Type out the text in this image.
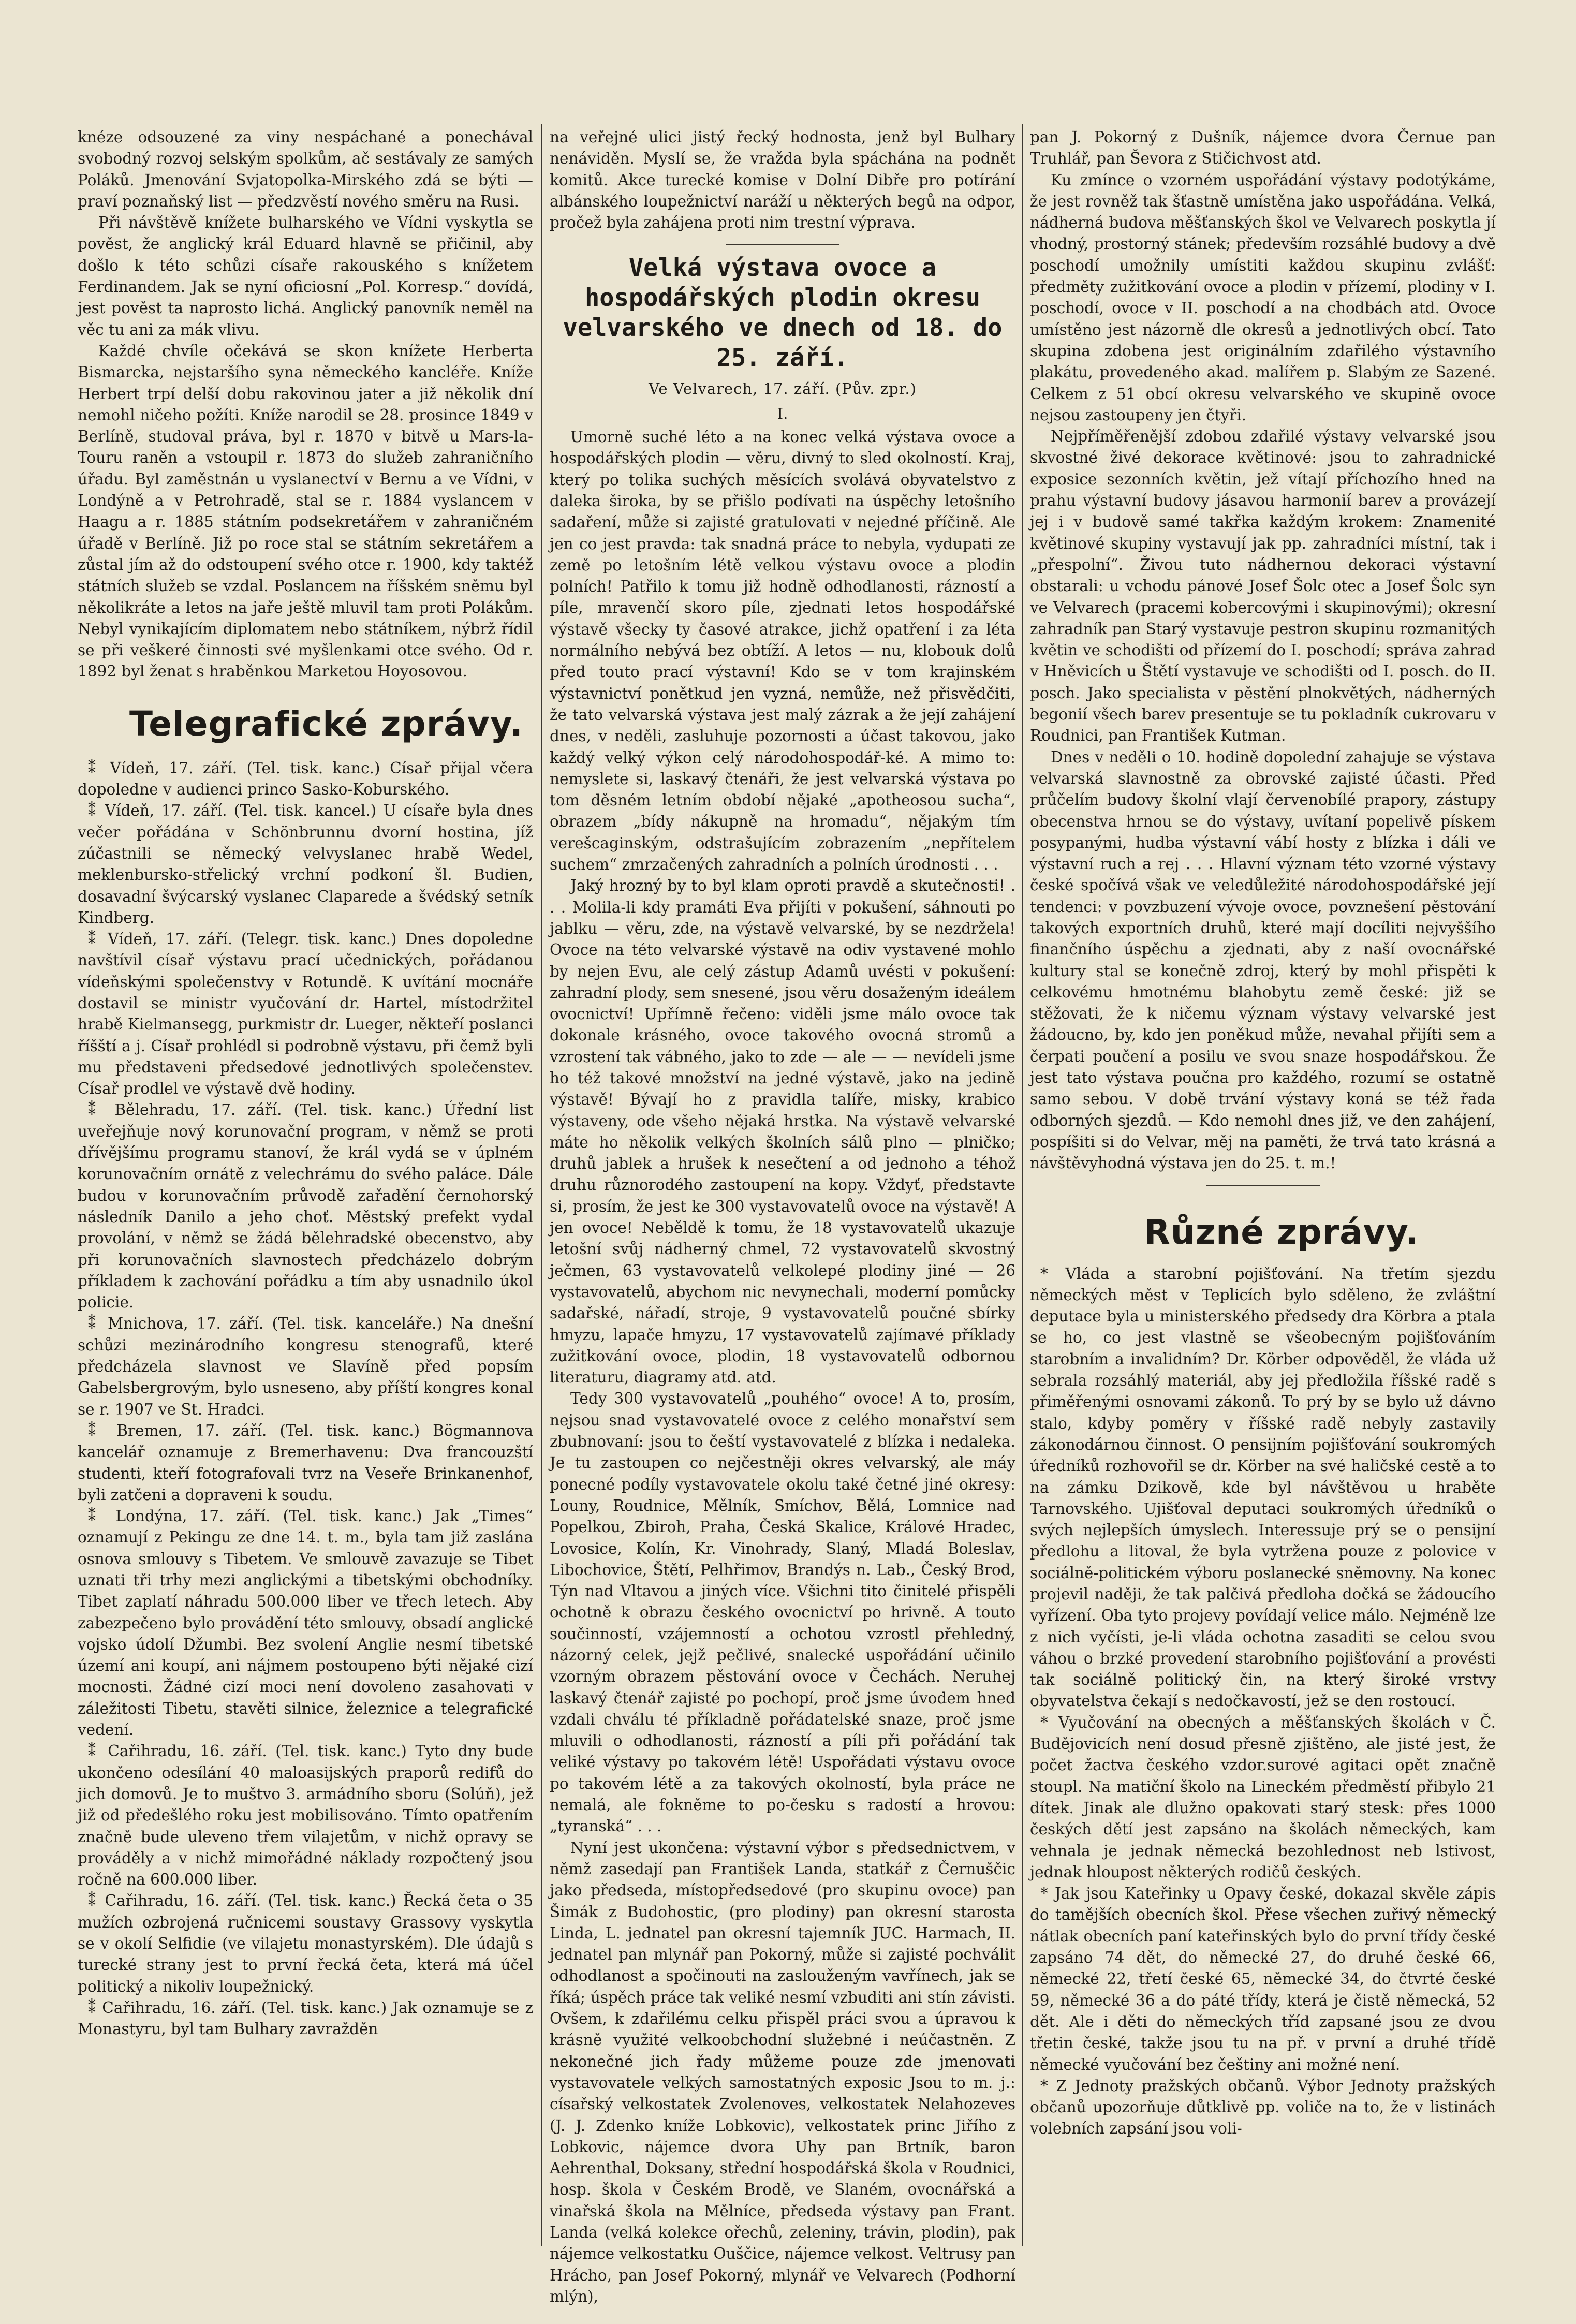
knéze odsouzené za viny nespáchané a ponechával svobodný rozvoj selským spolkům, ač sestávaly ze samých Poláků. Jmenování Svjatopolka-Mirského zdá se býti — praví poznaňský list — předzvěstí nového směru na Rusi.

Při návštěvě knížete bulharského ve Vídni vyskytla se pověst, že anglický král Eduard hlavně se přičinil, aby došlo k této schůzi císaře rakouského s knížetem Ferdinandem. Jak se nyní oficiosní „Pol. Korresp.“ dovídá, jest pověst ta naprosto lichá. Anglický panovník neměl na věc tu ani za mák vlivu.

Každé chvíle očekává se skon knížete Herberta Bismarcka, nejstaršího syna německého kancléře. Kníže Herbert trpí delší dobu rakovinou jater a již několik dní nemohl ničeho požíti. Kníže narodil se 28. prosince 1849 v Berlíně, studoval práva, byl r. 1870 v bitvě u Mars-la-Touru raněn a vstoupil r. 1873 do služeb zahraničního úřadu. Byl zaměstnán u vyslanectví v Bernu a ve Vídni, v Londýně a v Petrohradě, stal se r. 1884 vyslancem v Haagu a r. 1885 státním podsekretářem v zahraničném úřadě v Berlíně. Již po roce stal se státním sekretářem a zůstal jím až do odstoupení svého otce r. 1900, kdy taktéž státních služeb se vzdal. Poslancem na říšském sněmu byl několikráte a letos na jaře ještě mluvil tam proti Polákům. Nebyl vynikajícím diplomatem nebo státníkem, nýbrž řídil se při veškeré činnosti své myšlenkami otce svého. Od r. 1892 byl ženat s hraběnkou Marketou Hoyosovou.

Telegrafické zprávy.

⁑ Vídeň, 17. září. (Tel. tisk. kanc.) Císař přijal včera dopoledne v audienci princo Sasko-Koburského.

⁑ Vídeň, 17. září. (Tel. tisk. kancel.) U císaře byla dnes večer pořádána v Schönbrunnu dvorní hostina, jíž zúčastnili se německý velvyslanec hrabě Wedel, meklenbursko-střelický vrchní podkoní šl. Budien, dosavadní švýcarský vyslanec Claparede a švédský setník Kindberg.

⁑ Vídeň, 17. září. (Telegr. tisk. kanc.) Dnes dopoledne navštívil císař výstavu prací učednických, pořádanou vídeňskými společenstvy v Rotundě. K uvítání mocnáře dostavil se ministr vyučování dr. Hartel, místodržitel hrabě Kielmansegg, purkmistr dr. Lueger, někteří poslanci říšští a j. Císař prohlédl si podrobně výstavu, při čemž byli mu představeni předsedové jednotlivých společenstev. Císař prodlel ve výstavě dvě hodiny.

⁑ Bělehradu, 17. září. (Tel. tisk. kanc.) Úřední list uveřejňuje nový korunovační program, v němž se proti dřívějšímu programu stanoví, že král vydá se v úplném korunovačním ornátě z velechrámu do svého paláce. Dále budou v korunovačním průvodě zařadění černohorský následník Danilo a jeho choť. Městský prefekt vydal provolání, v němž se žádá bělehradské obecenstvo, aby při korunovačních slavnostech předcházelo dobrým příkladem k zachování pořádku a tím aby usnadnilo úkol policie.

⁑ Mnichova, 17. září. (Tel. tisk. kanceláře.) Na dnešní schůzi mezinárodního kongresu stenografů, které předcházela slavnost ve Slavíně před popsím Gabelsbergrovým, bylo usneseno, aby příští kongres konal se r. 1907 ve St. Hradci.

⁑ Bremen, 17. září. (Tel. tisk. kanc.) Bögmannova kancelář oznamuje z Bremerhavenu: Dva francouzští studenti, kteří fotografovali tvrz na Veseře Brinkanenhof, byli zatčeni a dopraveni k soudu.

⁑ Londýna, 17. září. (Tel. tisk. kanc.) Jak „Times“ oznamují z Pekingu ze dne 14. t. m., byla tam již zaslána osnova smlouvy s Tibetem. Ve smlouvě zavazuje se Tibet uznati tři trhy mezi anglickými a tibetskými obchodníky. Tibet zaplatí náhradu 500.000 liber ve třech letech. Aby zabezpečeno bylo provádění této smlouvy, obsadí anglické vojsko údolí Džumbi. Bez svolení Anglie nesmí tibetské území ani koupí, ani nájmem postoupeno býti nějaké cizí mocnosti. Žádné cizí moci není dovoleno zasahovati v záležitosti Tibetu, stavěti silnice, železnice a telegrafické vedení.

⁑ Cařihradu, 16. září. (Tel. tisk. kanc.) Tyto dny bude ukončeno odesílání 40 maloasijských praporů redifů do jich domovů. Je to muštvo 3. armádního sboru (Solúň), jež již od předešlého roku jest mobilisováno. Tímto opatřením značně bude uleveno třem vilajetům, v nichž opravy se prováděly a v nichž mimořádné náklady rozpočtený jsou ročně na 600.000 liber.

⁑ Cařihradu, 16. září. (Tel. tisk. kanc.) Řecká četa o 35 mužích ozbrojená ručnicemi soustavy Grassovy vyskytla se v okolí Selfidie (ve vilajetu monastyrském). Dle údajů s turecké strany jest to první řecká četa, která má účel politický a nikoliv loupežnický.

⁑ Cařihradu, 16. září. (Tel. tisk. kanc.) Jak oznamuje se z Monastyru, byl tam Bulhary zavražděn

na veřejné ulici jistý řecký hodnosta, jenž byl Bulhary nenáviděn. Myslí se, že vražda byla spáchána na podnět komitů. Akce turecké komise v Dolní Dibře pro potírání albánského loupežnictví naráží u některých begů na odpor, pročež byla zahájena proti nim trestní výprava.

Velká výstava ovoce a hospodářských plodin okresu velvarského ve dnech od 18. do 25. září.
Ve Velvarech, 17. září. (Pův. zpr.)
I.

Umorně suché léto a na konec velká výstava ovoce a hospodářských plodin — věru, divný to sled okolností. Kraj, který po tolika suchých měsících svolává obyvatelstvo z daleka široka, by se přišlo podívati na úspěchy letošního sadaření, může si zajisté gratulovati v nejedné příčině. Ale jen co jest pravda: tak snadná práce to nebyla, vydupati ze země po letošním létě velkou výstavu ovoce a plodin polních! Patřilo k tomu již hodně odhodlanosti, rázností a píle, mravenčí skoro píle, zjednati letos hospodářské výstavě všecky ty časové atrakce, jichž opatření i za léta normálního nebývá bez obtíží. A letos — nu, klobouk dolů před touto prací výstavní! Kdo se v tom krajinském výstavnictví ponětkud jen vyzná, nemůže, než přisvědčiti, že tato velvarská výstava jest malý zázrak a že její zahájení dnes, v neděli, zasluhuje pozornosti a účast takovou, jako každý velký výkon celý národohospodář-ké. A mimo to: nemyslete si, laskavý čtenáři, že jest velvarská výstava po tom děsném letním období nějaké „apotheosou sucha“, obrazem „bídy nákupně na hromadu“, nějakým tím verešcaginským, odstrašujícím zobrazením „nepřítelem suchem“ zmrzačených zahradních a polních úrodnosti . . .

Jaký hrozný by to byl klam oproti pravdě a skutečnosti! . . . Molila-li kdy pramáti Eva přijíti v pokušení, sáhnouti po jablku — věru, zde, na výstavě velvarské, by se nezdržela! Ovoce na této velvarské výstavě na odiv vystavené mohlo by nejen Evu, ale celý zástup Adamů uvésti v pokušení: zahradní plody, sem snesené, jsou věru dosaženým ideálem ovocnictví! Upřímně řečeno: viděli jsme málo ovoce tak dokonale krásného, ovoce takového ovocná stromů a vzrostení tak vábného, jako to zde — ale — — nevídeli jsme ho též takové množství na jedné výstavě, jako na jedině výstavě! Bývají ho z pravidla talíře, misky, krabico výstaveny, ode všeho nějaká hrstka. Na výstavě velvarské máte ho několik velkých školních sálů plno — plničko; druhů jablek a hrušek k nesečtení a od jednoho a téhož druhu různorodého zastoupení na kopy. Vždyť, představte si, prosím, že jest ke 300 vystavovatelů ovoce na výstavě! A jen ovoce! Neběldě k tomu, že 18 vystavovatelů ukazuje letošní svůj nádherný chmel, 72 vystavovatelů skvostný ječmen, 63 vystavovatelů velkolepé plodiny jiné — 26 vystavovatelů, abychom nic nevynechali, moderní pomůcky sadařské, nářadí, stroje, 9 vystavovatelů poučné sbírky hmyzu, lapače hmyzu, 17 vystavovatelů zajímavé příklady zužitkování ovoce, plodin, 18 vystavovatelů odbornou literaturu, diagramy atd. atd.

Tedy 300 vystavovatelů „pouhého“ ovoce! A to, prosím, nejsou snad vystavovatelé ovoce z celého monařství sem zbubnovaní: jsou to čeští vystavovatelé z blízka i nedaleka. Je tu zastoupen co nejčestněji okres velvarský, ale máy ponecné podíly vystavovatele okolu také četné jiné okresy: Louny, Roudnice, Mělník, Smíchov, Bělá, Lomnice nad Popelkou, Zbiroh, Praha, Česká Skalice, Králové Hradec, Lovosice, Kolín, Kr. Vinohrady, Slaný, Mladá Boleslav, Libochovice, Štětí, Pelhřimov, Brandýs n. Lab., Český Brod, Týn nad Vltavou a jiných více. Všichni tito činitelé přispěli ochotně k obrazu českého ovocnictví po hrivně. A touto součinností, vzájemností a ochotou vzrostl přehledný, názorný celek, jejž pečlivé, snalecké uspořádání učinilo vzorným obrazem pěstování ovoce v Čechách. Neruhej laskavý čtenář zajisté po pochopí, proč jsme úvodem hned vzdali chválu té příkladně pořádatelské snaze, proč jsme mluvili o odhodlanosti, rázností a píli při pořádání tak veliké výstavy po takovém létě! Uspořádati výstavu ovoce po takovém létě a za takových okolností, byla práce ne nemalá, ale fokněme to po-česku s radostí a hrovou: „tyranská“ . . .

Nyní jest ukončena: výstavní výbor s předsednictvem, v němž zasedají pan František Landa, statkář z Černuščic jako předseda, místopředsedové (pro skupinu ovoce) pan Šimák z Budohostic, (pro plodiny) pan okresní starosta Linda, L. jednatel pan okresní tajemník JUC. Harmach, II. jednatel pan mlynář pan Pokorný, může si zajisté pochválit odhodlanost a spočinouti na zaslouženým vavřínech, jak se říká; úspěch práce tak veliké nesmí vzbuditi ani stín závisti. Ovšem, k zdařilému celku přispěl práci svou a úpravou k krásně využité velkoobchodní služebné i neúčastněn. Z nekonečné jich řady můžeme pouze zde jmenovati vystavovatele velkých samostatných exposic Jsou to m. j.: císařský velkostatek Zvolenoves, velkostatek Nelahozeves (J. J. Zdenko kníže Lobkovic), velkostatek princ Jiřího z Lobkovic, nájemce dvora Uhy pan Brtník, baron Aehrenthal, Doksany, střední hospodářská škola v Roudnici, hosp. škola v Českém Brodě, ve Slaném, ovocnářská a vinařská škola na Mělníce, předseda výstavy pan Frant. Landa (velká kolekce ořechů, zeleniny, trávin, plodin), pak nájemce velkostatku Ouščice, nájemce velkost. Veltrusy pan Hrácho, pan Josef Pokorný, mlynář ve Velvarech (Podhorní mlýn),

pan J. Pokorný z Dušník, nájemce dvora Černue pan Truhlář, pan Ševora z Stičichvost atd.

Ku zmínce o vzorném uspořádání výstavy podotýkáme, že jest rovněž tak šťastně umístěna jako uspořádána. Velká, nádherná budova měšťanských škol ve Velvarech poskytla jí vhodný, prostorný stánek; především rozsáhlé budovy a dvě poschodí umožnily umístiti každou skupinu zvlášť: předměty zužitkování ovoce a plodin v přízemí, plodiny v I. poschodí, ovoce v II. poschodí a na chodbách atd. Ovoce umístěno jest názorně dle okresů a jednotlivých obcí. Tato skupina zdobena jest originálním zdařilého výstavního plakátu, provedeného akad. malířem p. Slabým ze Sazené. Celkem z 51 obcí okresu velvarského ve skupině ovoce nejsou zastoupeny jen čtyři.

Nejpříměřenější zdobou zdařilé výstavy velvarské jsou skvostné živé dekorace květinové: jsou to zahradnické exposice sezonních květin, jež vítají příchozího hned na prahu výstavní budovy jásavou harmonií barev a provázejí jej i v budově samé takřka každým krokem: Znamenité květinové skupiny vystavují jak pp. zahradníci místní, tak i „přespolní“. Živou tuto nádhernou dekoraci výstavní obstarali: u vchodu pánové Josef Šolc otec a Josef Šolc syn ve Velvarech (pracemi kobercovými i skupinovými); okresní zahradník pan Starý vystavuje pestron skupinu rozmanitých květin ve schodišti od přízemí do I. poschodí; správa zahrad v Hněvicích u Štětí vystavuje ve schodišti od I. posch. do II. posch. Jako specialista v pěstění plnokvětých, nádherných begonií všech barev presentuje se tu pokladník cukrovaru v Roudnici, pan František Kutman.

Dnes v neděli o 10. hodině dopolední zahajuje se výstava velvarská slavnostně za obrovské zajisté účasti. Před průčelím budovy školní vlají červenobílé prapory, zástupy obecenstva hrnou se do výstavy, uvítaní popelivě pískem posypanými, hudba výstavní vábí hosty z blízka i dáli ve výstavní ruch a rej . . . Hlavní význam této vzorné výstavy české spočívá však ve veledůležité národohospodářské její tendenci: v povzbuzení vývoje ovoce, povznešení pěstování takových exportních druhů, které mají docíliti nejvyššího finančního úspěchu a zjednati, aby z naší ovocnářské kultury stal se konečně zdroj, který by mohl přispěti k celkovému hmotnému blahobytu země české: již se stěžovati, že k ničemu význam výstavy velvarské jest žádoucno, by, kdo jen poněkud může, nevahal přijíti sem a čerpati poučení a posilu ve svou snaze hospodářskou. Že jest tato výstava poučna pro každého, rozumí se ostatně samo sebou. V době trvání výstavy koná se též řada odborných sjezdů. — Kdo nemohl dnes již, ve den zahájení, pospíšiti si do Velvar, měj na paměti, že trvá tato krásná a návštěvyhodná výstava jen do 25. t. m.!

Různé zprávy.

* Vláda a starobní pojišťování. Na třetím sjezdu německých měst v Teplicích bylo sděleno, že zvláštní deputace byla u ministerského předsedy dra Körbra a ptala se ho, co jest vlastně se všeobecným pojišťováním starobním a invalidním? Dr. Körber odpověděl, že vláda už sebrala rozsáhlý materiál, aby jej předložila říšské radě s přiměřenými osnovami zákonů. To prý by se bylo už dávno stalo, kdyby poměry v říšské radě nebyly zastavily zákonodárnou činnost. O pensijním pojišťování soukromých úředníků rozhovořil se dr. Körber na své haličské cestě a to na zámku Dzikově, kde byl návštěvou u hraběte Tarnovského. Ujišťoval deputaci soukromých úředníků o svých nejlepších úmyslech. Interessuje prý se o pensijní předlohu a litoval, že byla vytržena pouze z polovice v sociálně-politickém výboru poslanecké sněmovny. Na konec projevil naději, že tak palčivá předloha dočká se žádoucího vyřízení. Oba tyto projevy povídají velice málo. Nejméně lze z nich vyčísti, je-li vláda ochotna zasaditi se celou svou váhou o brzké provedení starobního pojišťování a provésti tak sociálně politický čin, na který široké vrstvy obyvatelstva čekají s nedočkavostí, jež se den rostoucí.

* Vyučování na obecných a měšťanských školách v Č. Budějovicích není dosud přesně zjištěno, ale jisté jest, že počet žactva českého vzdor.surové agitaci opět značně stoupl. Na matiční školo na Lineckém předměstí přibylo 21 dítek. Jinak ale dlužno opakovati starý stesk: přes 1000 českých dětí jest zapsáno na školách německých, kam vehnala je jednak německá bezohlednost neb lstivost, jednak hloupost některých rodičů českých.

* Jak jsou Kateřinky u Opavy české, dokazal skvěle zápis do tamějších obecních škol. Přese všechen zuřivý německý nátlak obecních paní kateřinských bylo do první třídy české zapsáno 74 dět, do německé 27, do druhé české 66, německé 22, třetí české 65, německé 34, do čtvrté české 59, německé 36 a do páté třídy, která je čistě německá, 52 dět. Ale i děti do německých tříd zapsané jsou ze dvou třetin české, takže jsou tu na př. v první a druhé třídě německé vyučování bez češtiny ani možné není.

* Z Jednoty pražských občanů. Výbor Jednoty pražských občanů upozorňuje důtklivě pp. voliče na to, že v listinách volebních zapsání jsou voli-
